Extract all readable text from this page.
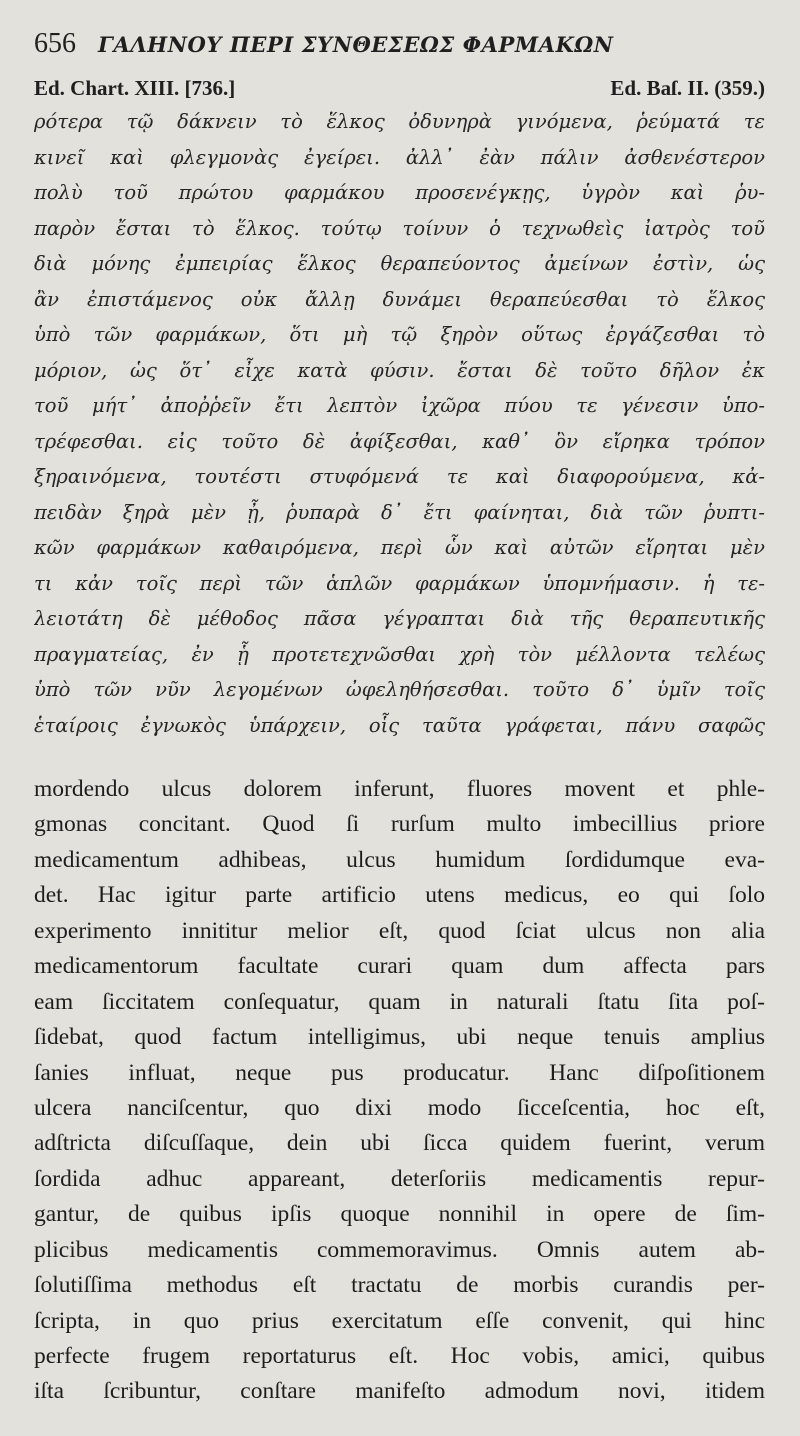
656 ΓΑΛΗΝΟΥ ΠΕΡΙ ΣΥΝΘΕΣΕΩΣ ΦΑΡΜΑΚΩΝ
Ed. Chart. XIII. [736.]	Ed. Baſ. II. (359.)
ρότερα τῷ δάκνειν τὸ ἕλκος ὀδυνηρὰ γινόμενα, ῥεύματά τε
κινεῖ καὶ φλεγμονὰς ἐγείρει. ἀλλ᾽ ἐὰν πάλιν ἀσθενέστερον
πολὺ τοῦ πρώτου φαρμάκου προσενέγκῃς, ὑγρὸν καὶ ῥυ-
παρὸν ἔσται τὸ ἕλκος. τούτῳ τοίνυν ὁ τεχνωθεὶς ἰατρὸς τοῦ
διὰ μόνης ἐμπειρίας ἕλκος θεραπεύοντος ἀμείνων ἐστὶν, ὡς
ἂν ἐπιστάμενος οὐκ ἄλλῃ δυνάμει θεραπεύεσθαι τὸ ἕλκος
ὑπὸ τῶν φαρμάκων, ὅτι μὴ τῷ ξηρὸν οὕτως ἐργάζεσθαι τὸ
μόριον, ὡς ὅτ᾽ εἶχε κατὰ φύσιν. ἔσται δὲ τοῦτο δῆλον ἐκ
τοῦ μήτ᾽ ἀποῤῥεῖν ἔτι λεπτὸν ἰχῶρα πύου τε γένεσιν ὑπο-
τρέφεσθαι. εἰς τοῦτο δὲ ἀφίξεσθαι, καθ᾽ ὃν εἴρηκα τρόπον
ξηραινόμενα, τουτέστι στυφόμενά τε καὶ διαφορούμενα, κἀ-
πειδὰν ξηρὰ μὲν ᾖ, ῥυπαρὰ δ᾽ ἔτι φαίνηται, διὰ τῶν ῥυπτι-
κῶν φαρμάκων καθαιρόμενα, περὶ ὧν καὶ αὐτῶν εἴρηται μὲν
τι κἀν τοῖς περὶ τῶν ἁπλῶν φαρμάκων ὑπομνήμασιν. ἡ τε-
λειοτάτη δὲ μέθοδος πᾶσα γέγραπται διὰ τῆς θεραπευτικῆς
πραγματείας, ἐν ᾗ προτετεχνῶσθαι χρὴ τὸν μέλλοντα τελέως
ὑπὸ τῶν νῦν λεγομένων ὠφεληθήσεσθαι. τοῦτο δ᾽ ὑμῖν τοῖς
ἑταίροις ἐγνωκὸς ὑπάρχειν, οἷς ταῦτα γράφεται, πάνυ σαφῶς
mordendo ulcus dolorem inferunt, fluores movent et phle-
gmonas concitant. Quod ſi rurſum multo imbecillius priore
medicamentum adhibeas, ulcus humidum ſordidumque eva-
det. Hac igitur parte artificio utens medicus, eo qui ſolo
experimento innititur melior eſt, quod ſciat ulcus non alia
medicamentorum facultate curari quam dum affecta pars
eam ſiccitatem conſequatur, quam in naturali ſtatu ſita poſ-
ſidebat, quod factum intelligimus, ubi neque tenuis amplius
ſanies influat, neque pus producatur. Hanc diſpoſitionem
ulcera nanciſcentur, quo dixi modo ſicceſcentia, hoc eſt,
adſtricta diſcuſſaque, dein ubi ſicca quidem fuerint, verum
ſordida adhuc appareant, deterſoriis medicamentis repur-
gantur, de quibus ipſis quoque nonnihil in opere de ſim-
plicibus medicamentis commemoravimus. Omnis autem ab-
ſolutiſſima methodus eſt tractatu de morbis curandis per-
ſcripta, in quo prius exercitatum eſſe convenit, qui hinc
perfecte frugem reportaturus eſt. Hoc vobis, amici, quibus
iſta ſcribuntur, conſtare manifeſto admodum novi, itidem
